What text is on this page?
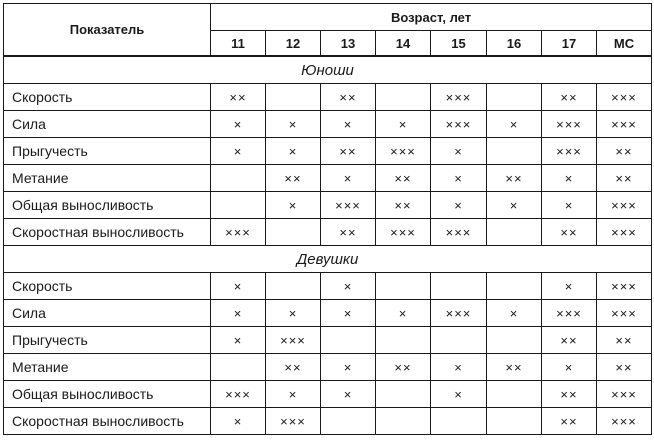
Показатель	Возраст, лет							
	11	12	13	14	15	16	17	МС
Юноши								
Скорость	××		××		×××		××	×××
Сила	×	×	×	×	×××	×	×××	×××
Прыгучесть	×	×	××	×××	×		×××	××
Метание		××	×	××	×	××	×	××
Общая выносливость		×	×××	××	×	×	×	×××
Скоростная выносливость	×××		××	×××	×××		××	×××
Девушки								
Скорость	×		×				×	×××
Сила	×	×	×	×	×××	×	×××	×××
Прыгучесть	×	×××					××	××
Метание		××	×	××	×	××	×	××
Общая выносливость	×××	×	×		×		××	×××
Скоростная выносливость	×	×××					××	×××
